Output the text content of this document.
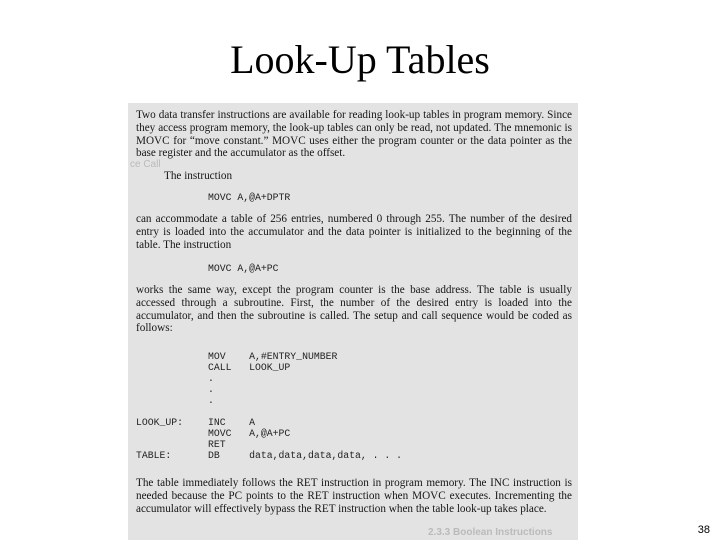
Look-Up Tables

Two data transfer instructions are available for reading look-up tables in program memory. Since they access program memory, the look-up tables can only be read, not updated. The mnemonic is MOVC for “move constant.” MOVC uses either the program counter or the data pointer as the base register and the accumulator as the offset.

The instruction

MOVC A,@A+DPTR

can accommodate a table of 256 entries, numbered 0 through 255. The number of the desired entry is loaded into the accumulator and the data pointer is initialized to the beginning of the table. The instruction

MOVC A,@A+PC

works the same way, except the program counter is the base address. The table is usually accessed through a subroutine. First, the number of the desired entry is loaded into the accumulator, and then the subroutine is called. The setup and call sequence would be coded as follows:

MOV    A,#ENTRY_NUMBER
CALL   LOOK_UP
.
.
.

LOOK_UP:

TABLE:
INC    A
MOVC   A,@A+PC
RET
DB     data,data,data,data, . . .

The table immediately follows the RET instruction in program memory. The INC instruction is needed because the PC points to the RET instruction when MOVC executes. Incrementing the accumulator will effectively bypass the RET instruction when the table look-up takes place.

ce Call
2.3.3 Boolean Instructions	38
